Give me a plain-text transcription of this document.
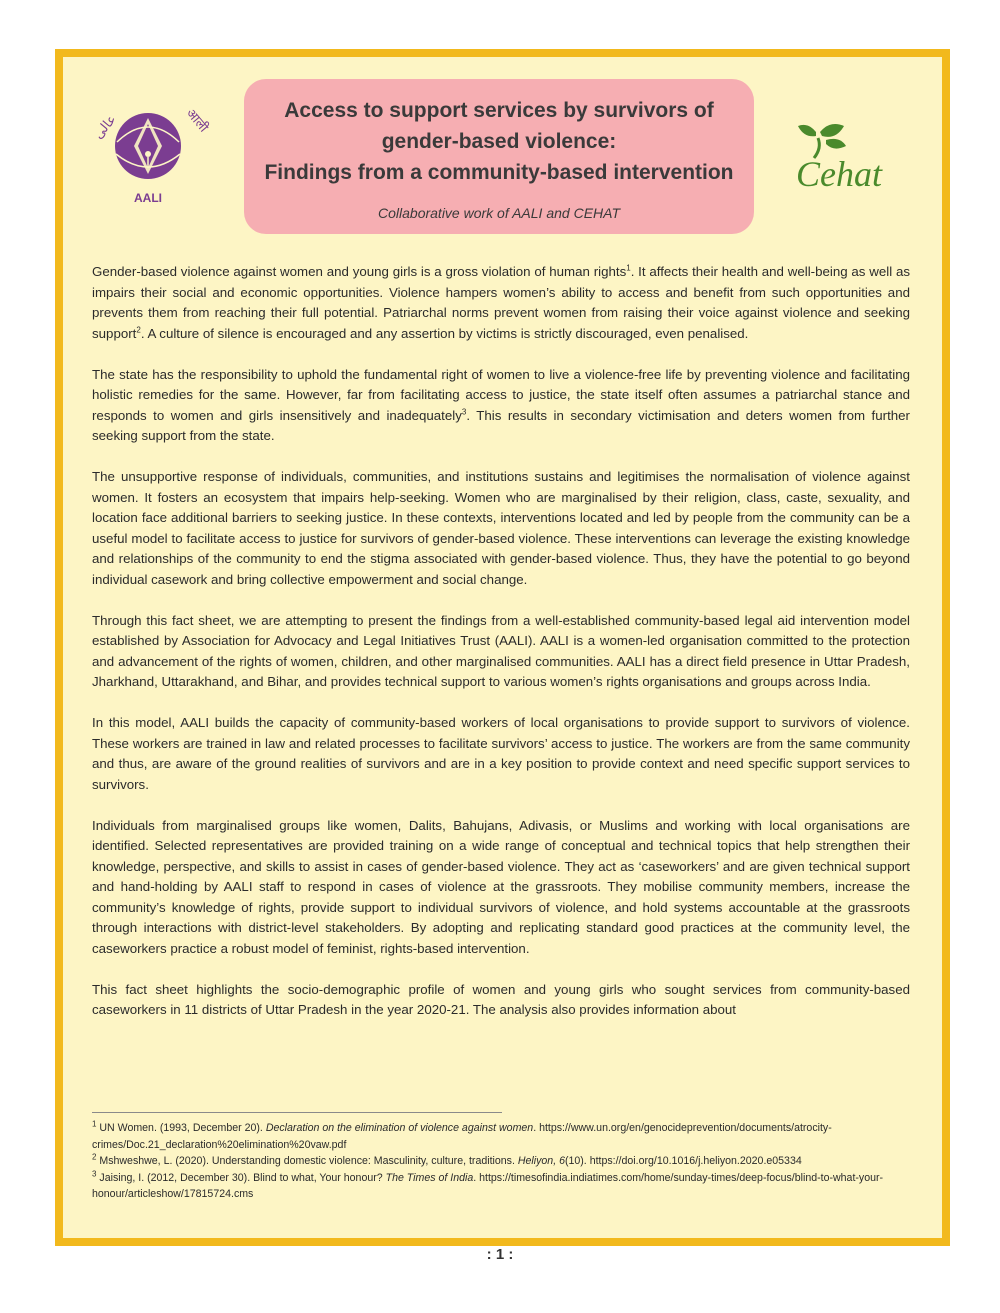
عالی	आली
AALI
Access to support services by survivors of
gender-based violence:
Findings from a community-based intervention
Collaborative work of AALI and CEHAT
Cehat

Gender-based violence against women and young girls is a gross violation of human rights$^1$. It affects their health and well-being as well as impairs their social and economic opportunities. Violence hampers women’s ability to access and benefit from such opportunities and prevents them from reaching their full potential. Patriarchal norms prevent women from raising their voice against violence and seeking support$^2$. A culture of silence is encouraged and any assertion by victims is strictly discouraged, even penalised.

The state has the responsibility to uphold the fundamental right of women to live a violence-free life by preventing violence and facilitating holistic remedies for the same. However, far from facilitating access to justice, the state itself often assumes a patriarchal stance and responds to women and girls insensitively and inadequately$^3$. This results in secondary victimisation and deters women from further seeking support from the state.

The unsupportive response of individuals, communities, and institutions sustains and legitimises the normalisation of violence against women. It fosters an ecosystem that impairs help-seeking. Women who are marginalised by their religion, class, caste, sexuality, and location face additional barriers to seeking justice. In these contexts, interventions located and led by people from the community can be a useful model to facilitate access to justice for survivors of gender-based violence. These interventions can leverage the existing knowledge and relationships of the community to end the stigma associated with gender-based violence. Thus, they have the potential to go beyond individual casework and bring collective empowerment and social change.

Through this fact sheet, we are attempting to present the findings from a well-established community-based legal aid intervention model established by Association for Advocacy and Legal Initiatives Trust (AALI). AALI is a women-led organisation committed to the protection and advancement of the rights of women, children, and other marginalised communities. AALI has a direct field presence in Uttar Pradesh, Jharkhand, Uttarakhand, and Bihar, and provides technical support to various women’s rights organisations and groups across India.

In this model, AALI builds the capacity of community-based workers of local organisations to provide support to survivors of violence. These workers are trained in law and related processes to facilitate survivors’ access to justice. The workers are from the same community and thus, are aware of the ground realities of survivors and are in a key position to provide context and need specific support services to survivors.

Individuals from marginalised groups like women, Dalits, Bahujans, Adivasis, or Muslims and working with local organisations are identified. Selected representatives are provided training on a wide range of conceptual and technical topics that help strengthen their knowledge, perspective, and skills to assist in cases of gender-based violence. They act as ‘caseworkers’ and are given technical support and hand-holding by AALI staff to respond in cases of violence at the grassroots. They mobilise community members, increase the community’s knowledge of rights, provide support to individual survivors of violence, and hold systems accountable at the grassroots through interactions with district-level stakeholders. By adopting and replicating standard good practices at the community level, the caseworkers practice a robust model of feminist, rights-based intervention.

This fact sheet highlights the socio-demographic profile of women and young girls who sought services from community-based caseworkers in 11 districts of Uttar Pradesh in the year 2020-21. The analysis also provides information about

$^1$ UN Women. (1993, December 20). Declaration on the elimination of violence against women. https://www.un.org/en/genocideprevention/documents/atrocity-crimes/Doc.21_declaration%20elimination%20vaw.pdf

$^2$ Mshweshwe, L. (2020). Understanding domestic violence: Masculinity, culture, traditions. Heliyon, 6(10). https://doi.org/10.1016/j.heliyon.2020.e05334

$^3$ Jaising, I. (2012, December 30). Blind to what, Your honour? The Times of India. https://timesofindia.indiatimes.com/home/sunday-times/deep-focus/blind-to-what-your-honour/articleshow/17815724.cms

: 1 :
